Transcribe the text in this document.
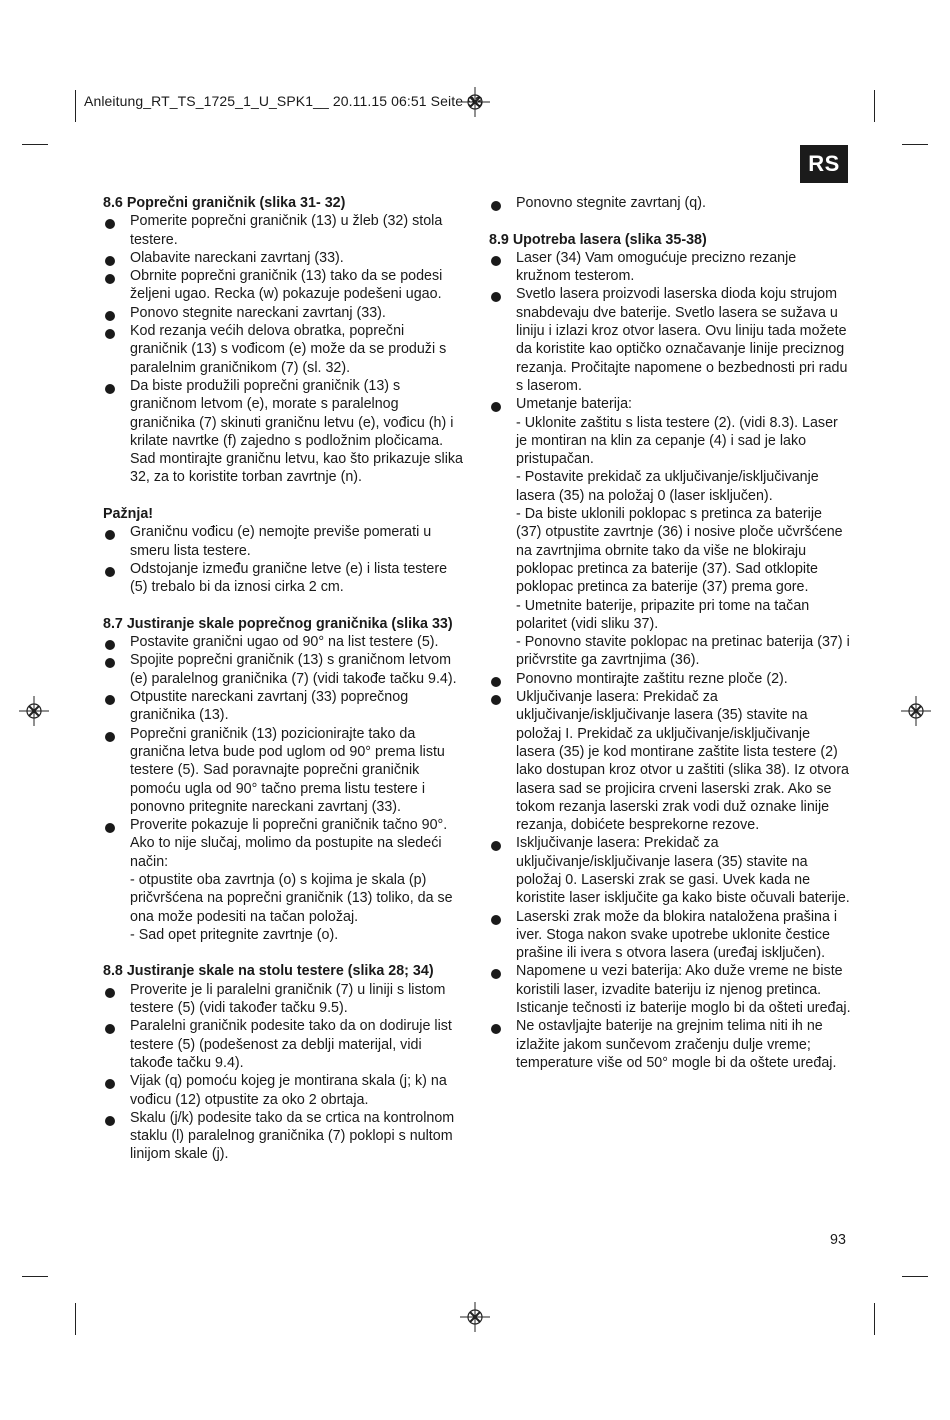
Anleitung_RT_TS_1725_1_U_SPK1__ 20.11.15 06:51 Seite 93
RS
8.6 Poprečni graničnik (slika 31- 32)
Pomerite poprečni graničnik (13) u žleb (32) stola testere.
Olabavite nareckani zavrtanj (33).
Obrnite poprečni graničnik (13) tako da se podesi željeni ugao. Recka (w) pokazuje podešeni ugao.
Ponovo stegnite nareckani zavrtanj (33).
Kod rezanja većih delova obratka, poprečni graničnik (13) s vođicom (e) može da se produži s paralelnim graničnikom (7) (sl. 32).
Da biste produžili poprečni graničnik (13) s graničnom letvom (e), morate s paralelnog graničnika (7) skinuti graničnu letvu (e), vođicu (h) i krilate navrtke (f) zajedno s podložnim pločicama. Sad montirajte graničnu letvu, kao što prikazuje slika 32, za to koristite torban zavrtnje (n).
Pažnja!
Graničnu vođicu (e) nemojte previše pomerati u smeru lista testere.
Odstojanje između granične letve (e) i lista testere (5) trebalo bi da iznosi cirka 2 cm.
8.7 Justiranje skale poprečnog graničnika (slika 33)
Postavite granični ugao od 90° na list testere (5).
Spojite poprečni graničnik (13) s graničnom letvom (e) paralelnog graničnika (7) (vidi takođe tačku 9.4).
Otpustite nareckani zavrtanj (33) poprečnog graničnika (13).
Poprečni graničnik (13) pozicionirajte tako da granična letva bude pod uglom od 90° prema listu testere (5). Sad poravnajte poprečni graničnik pomoću ugla od 90° tačno prema listu testere i ponovno pritegnite nareckani zavrtanj (33).
Proverite pokazuje li poprečni graničnik tačno 90°. Ako to nije slučaj, molimo da postupite na sledeći način:
- otpustite oba zavrtnja (o) s kojima je skala (p) pričvršćena na poprečni graničnik (13) toliko, da se ona može podesiti na tačan položaj.
- Sad opet pritegnite zavrtnje (o).
8.8 Justiranje skale na stolu testere (slika 28; 34)
Proverite je li paralelni graničnik (7) u liniji s listom testere (5) (vidi također tačku 9.5).
Paralelni graničnik podesite tako da on dodiruje list testere (5) (podešenost za deblji materijal, vidi takođe tačku 9.4).
Vijak (q) pomoću kojeg je montirana skala (j; k) na vođicu (12) otpustite za oko 2 obrtaja.
Skalu (j/k) podesite tako da se crtica na kontrolnom staklu (l) paralelnog graničnika (7) poklopi s nultom linijom skale (j).
Ponovno stegnite zavrtanj (q).
8.9 Upotreba lasera (slika 35-38)
Laser (34) Vam omogućuje precizno rezanje kružnom testerom.
Svetlo lasera proizvodi laserska dioda koju strujom snabdevaju dve baterije. Svetlo lasera se sužava u liniju i izlazi kroz otvor lasera. Ovu liniju tada možete da koristite kao optičko označavanje linije preciznog rezanja. Pročitajte napomene o bezbednosti pri radu s laserom.
Umetanje baterija:
- Uklonite zaštitu s lista testere (2). (vidi 8.3). Laser je montiran na klin za cepanje (4) i sad je lako pristupačan.
- Postavite prekidač za uključivanje/isključivanje lasera (35) na položaj 0 (laser isključen).
- Da biste uklonili poklopac s pretinca za baterije (37) otpustite zavrtnje (36) i nosive ploče učvršćene na zavrtnjima obrnite tako da više ne blokiraju poklopac pretinca za baterije (37). Sad otklopite poklopac pretinca za baterije (37) prema gore.
- Umetnite baterije, pripazite pri tome na tačan polaritet (vidi sliku 37).
- Ponovno stavite poklopac na pretinac baterija (37) i pričvrstite ga zavrtnjima (36).
Ponovno montirajte zaštitu rezne ploče (2).
Uključivanje lasera: Prekidač za uključivanje/isključivanje lasera (35) stavite na položaj I. Prekidač za uključivanje/isključivanje lasera (35) je kod montirane zaštite lista testere (2) lako dostupan kroz otvor u zaštiti (slika 38). Iz otvora lasera sad se projicira crveni laserski zrak. Ako se tokom rezanja laserski zrak vodi duž oznake linije rezanja, dobićete besprekorne rezove.
Isključivanje lasera: Prekidač za uključivanje/isključivanje lasera (35) stavite na položaj 0. Laserski zrak se gasi. Uvek kada ne koristite laser isključite ga kako biste očuvali baterije.
Laserski zrak može da blokira nataložena prašina i iver. Stoga nakon svake upotrebe uklonite čestice prašine ili ivera s otvora lasera (uređaj isključen).
Napomene u vezi baterija: Ako duže vreme ne biste koristili laser, izvadite bateriju iz njenog pretinca. Isticanje tečnosti iz baterije moglo bi da ošteti uređaj.
Ne ostavljajte baterije na grejnim telima niti ih ne izlažite jakom sunčevom zračenju dulje vreme; temperature više od 50° mogle bi da oštete uređaj.
93
